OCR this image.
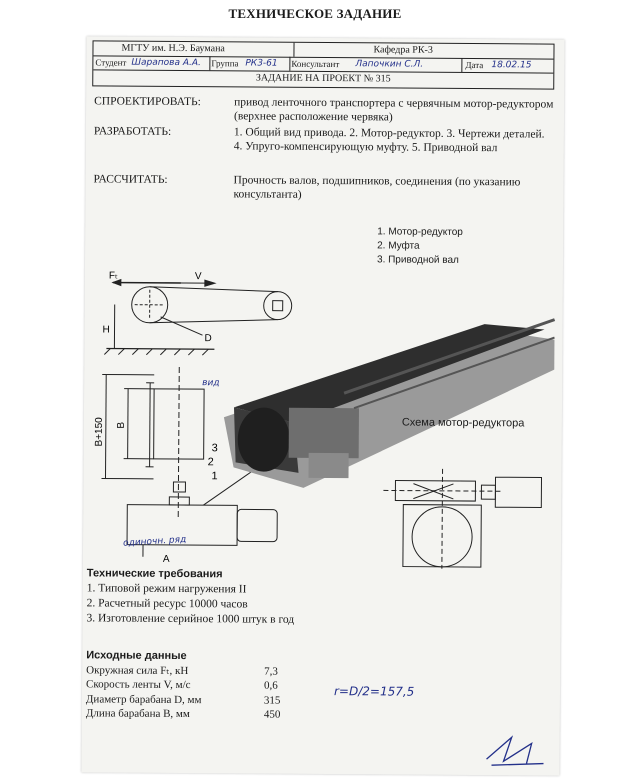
ТЕХНИЧЕСКОЕ ЗАДАНИЕ
МГТУ им. Н.Э. Баумана	Кафедра РК-3
Студент Шарапова А.А. Группа РК3-61 Консультант Лапочкин С.Л.	Дата 18.02.15
ЗАДАНИЕ НА ПРОЕКТ № 315
СПРОЕКТИРОВАТЬ:	привод ленточного транспортера с червячным мотор-редуктором (верхнее расположение червяка)
РАЗРАБОТАТЬ:	1. Общий вид привода. 2. Мотор-редуктор. 3. Чертежи деталей. 4. Упруго-компенсирующую муфту. 5. Приводной вал
РАССЧИТАТЬ:	Прочность валов, подшипников, соединения (по указанию консультанта)
1. Мотор-редуктор
2. Муфта
3. Приводной вал
Fₜ	V
D
H
B+150 B
3
2
1
A
вид
Схема мотор-редуктора
одиночн. ряд
Технические требования
1. Типовой режим нагружения II
2. Расчетный ресурс 10000 часов
3. Изготовление серийное 1000 штук в год
Исходные данные
Окружная сила Fₜ, кН	7,3
Скорость ленты V, м/с	0,6
Диаметр барабана D, мм	315
Длина барабана B, мм	450
r=D/2=157,5
